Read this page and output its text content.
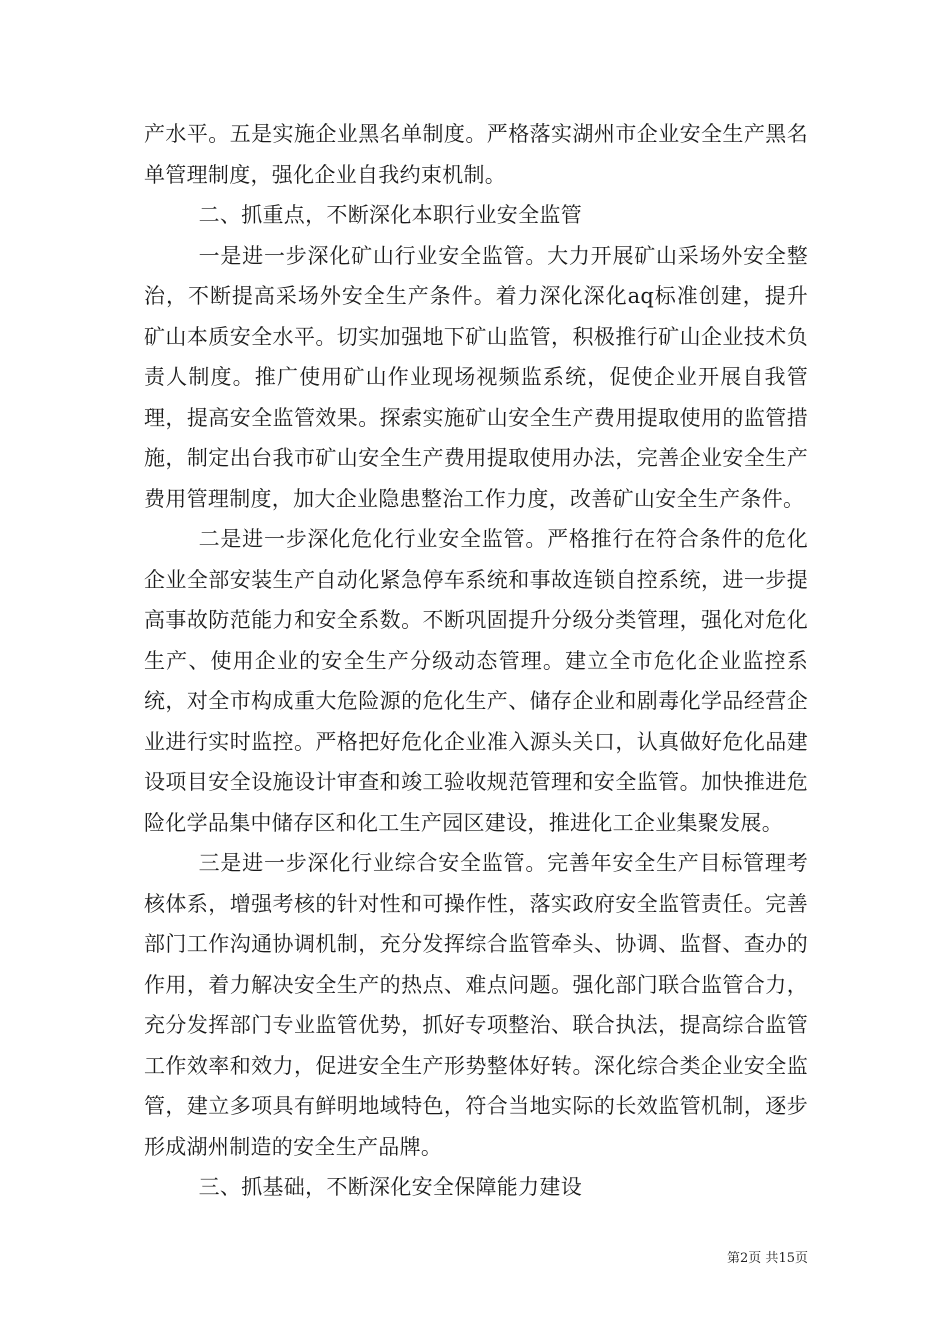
产水平。五是实施企业黑名单制度。严格落实湖州市企业安全生产黑名单管理制度，强化企业自我约束机制。

二、抓重点，不断深化本职行业安全监管

一是进一步深化矿山行业安全监管。大力开展矿山采场外安全整治，不断提高采场外安全生产条件。着力深化深化aq标准创建，提升矿山本质安全水平。切实加强地下矿山监管，积极推行矿山企业技术负责人制度。推广使用矿山作业现场视频监系统，促使企业开展自我管理，提高安全监管效果。探索实施矿山安全生产费用提取使用的监管措施，制定出台我市矿山安全生产费用提取使用办法，完善企业安全生产费用管理制度，加大企业隐患整治工作力度，改善矿山安全生产条件。

二是进一步深化危化行业安全监管。严格推行在符合条件的危化企业全部安装生产自动化紧急停车系统和事故连锁自控系统，进一步提高事故防范能力和安全系数。不断巩固提升分级分类管理，强化对危化生产、使用企业的安全生产分级动态管理。建立全市危化企业监控系统，对全市构成重大危险源的危化生产、储存企业和剧毒化学品经营企业进行实时监控。严格把好危化企业准入源头关口，认真做好危化品建设项目安全设施设计审查和竣工验收规范管理和安全监管。加快推进危险化学品集中储存区和化工生产园区建设，推进化工企业集聚发展。

三是进一步深化行业综合安全监管。完善年安全生产目标管理考核体系，增强考核的针对性和可操作性，落实政府安全监管责任。完善部门工作沟通协调机制，充分发挥综合监管牵头、协调、监督、查办的作用，着力解决安全生产的热点、难点问题。强化部门联合监管合力，充分发挥部门专业监管优势，抓好专项整治、联合执法，提高综合监管工作效率和效力，促进安全生产形势整体好转。深化综合类企业安全监管，建立多项具有鲜明地域特色，符合当地实际的长效监管机制，逐步形成湖州制造的安全生产品牌。

三、抓基础，不断深化安全保障能力建设

第2页 共15页
